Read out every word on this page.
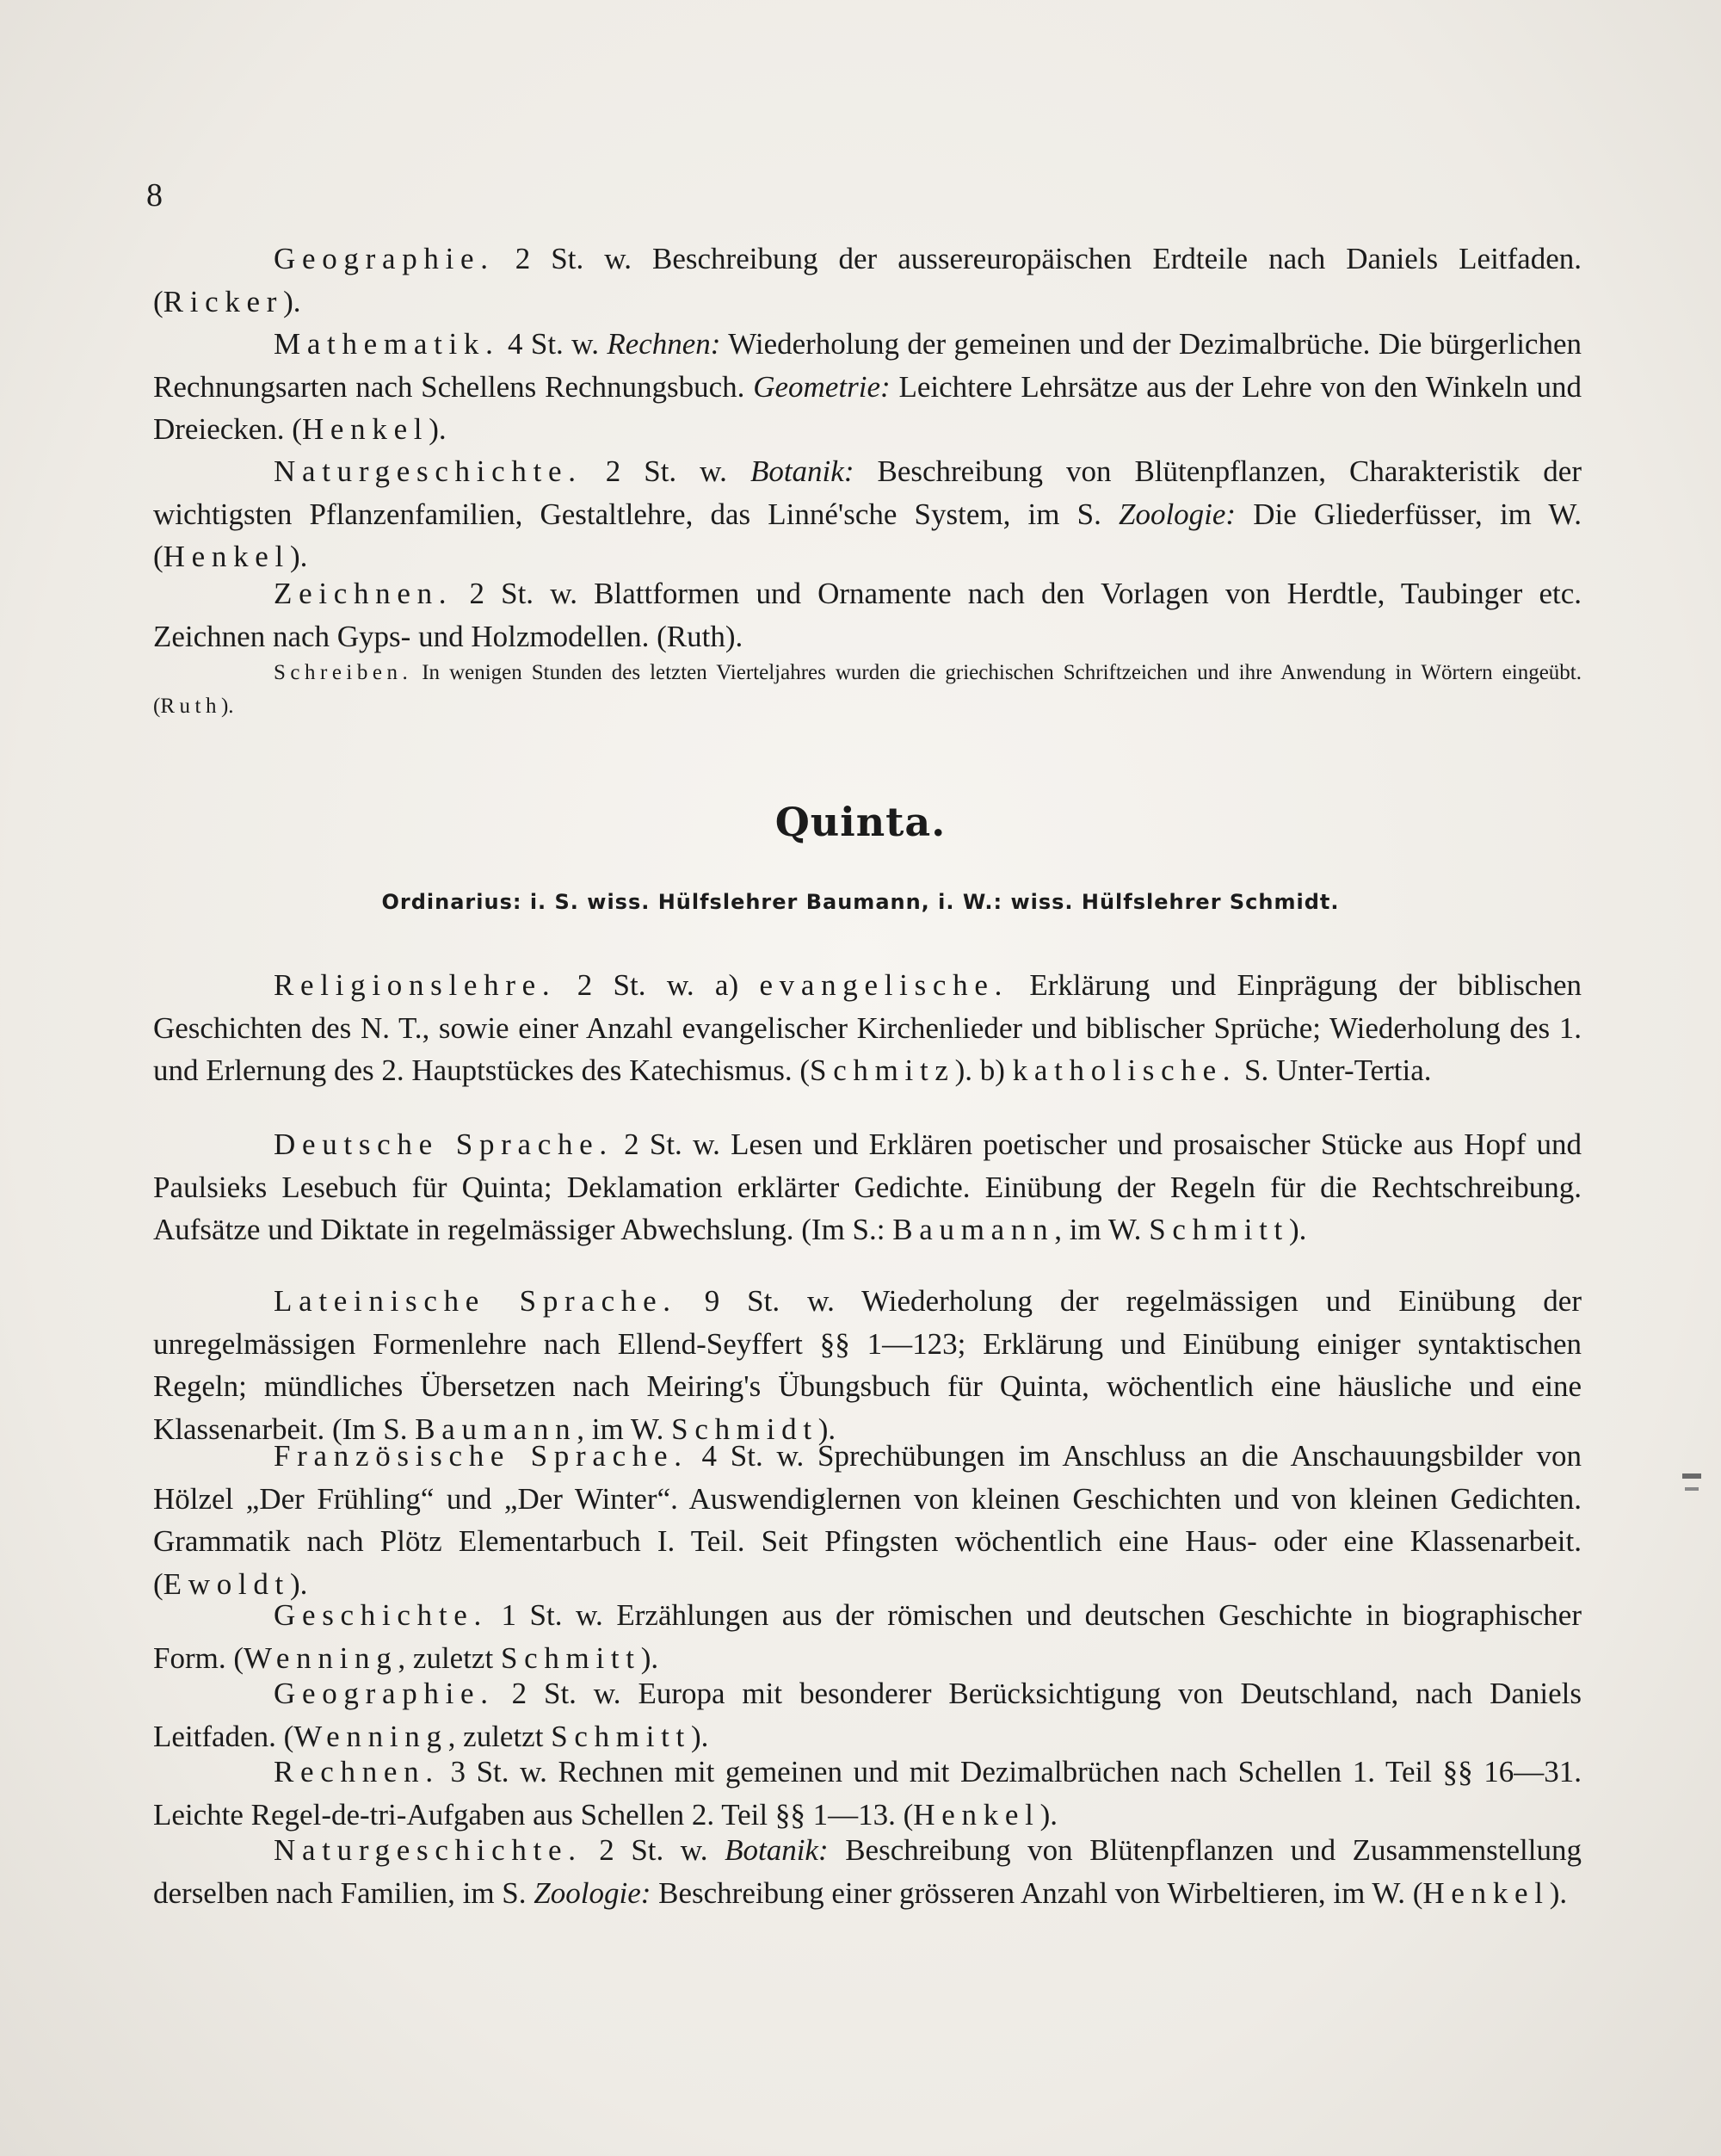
8

Geographie. 2 St. w. Beschreibung der aussereuropäischen Erdteile nach Daniels Leitfaden. (Ricker).

Mathematik. 4 St. w. Rechnen: Wiederholung der gemeinen und der Dezimalbrüche. Die bürgerlichen Rechnungsarten nach Schellens Rechnungsbuch. Geometrie: Leichtere Lehrsätze aus der Lehre von den Winkeln und Dreiecken. (Henkel).

Naturgeschichte. 2 St. w. Botanik: Beschreibung von Blütenpflanzen, Charakteristik der wichtigsten Pflanzenfamilien, Gestaltlehre, das Linné'sche System, im S. Zoologie: Die Gliederfüsser, im W. (Henkel).

Zeichnen. 2 St. w. Blattformen und Ornamente nach den Vorlagen von Herdtle, Taubinger etc. Zeichnen nach Gyps- und Holzmodellen. (Ruth).

Schreiben. In wenigen Stunden des letzten Vierteljahres wurden die griechischen Schriftzeichen und ihre Anwendung in Wörtern eingeübt. (Ruth).

Quinta.
Ordinarius: i. S. wiss. Hülfslehrer Baumann, i. W.: wiss. Hülfslehrer Schmidt.

Religionslehre. 2 St. w. a) evangelische. Erklärung und Einprägung der biblischen Geschichten des N. T., sowie einer Anzahl evangelischer Kirchenlieder und biblischer Sprüche; Wiederholung des 1. und Erlernung des 2. Hauptstückes des Katechismus. (Schmitz). b) katholische. S. Unter-Tertia.

Deutsche Sprache. 2 St. w. Lesen und Erklären poetischer und prosaischer Stücke aus Hopf und Paulsieks Lesebuch für Quinta; Deklamation erklärter Gedichte. Einübung der Regeln für die Rechtschreibung. Aufsätze und Diktate in regelmässiger Abwechslung. (Im S.: Baumann, im W. Schmitt).

Lateinische Sprache. 9 St. w. Wiederholung der regelmässigen und Einübung der unregelmässigen Formenlehre nach Ellend-Seyffert §§ 1—123; Erklärung und Einübung einiger syntaktischen Regeln; mündliches Übersetzen nach Meiring's Übungsbuch für Quinta, wöchentlich eine häusliche und eine Klassenarbeit. (Im S. Baumann, im W. Schmidt).

Französische Sprache. 4 St. w. Sprechübungen im Anschluss an die Anschauungsbilder von Hölzel „Der Frühling“ und „Der Winter“. Auswendiglernen von kleinen Geschichten und von kleinen Gedichten. Grammatik nach Plötz Elementarbuch I. Teil. Seit Pfingsten wöchentlich eine Haus- oder eine Klassenarbeit. (Ewoldt).

Geschichte. 1 St. w. Erzählungen aus der römischen und deutschen Geschichte in biographischer Form. (Wenning, zuletzt Schmitt).

Geographie. 2 St. w. Europa mit besonderer Berücksichtigung von Deutschland, nach Daniels Leitfaden. (Wenning, zuletzt Schmitt).

Rechnen. 3 St. w. Rechnen mit gemeinen und mit Dezimalbrüchen nach Schellen 1. Teil §§ 16—31. Leichte Regel-de-tri-Aufgaben aus Schellen 2. Teil §§ 1—13. (Henkel).

Naturgeschichte. 2 St. w. Botanik: Beschreibung von Blütenpflanzen und Zusammenstellung derselben nach Familien, im S. Zoologie: Beschreibung einer grösseren Anzahl von Wirbeltieren, im W. (Henkel).
